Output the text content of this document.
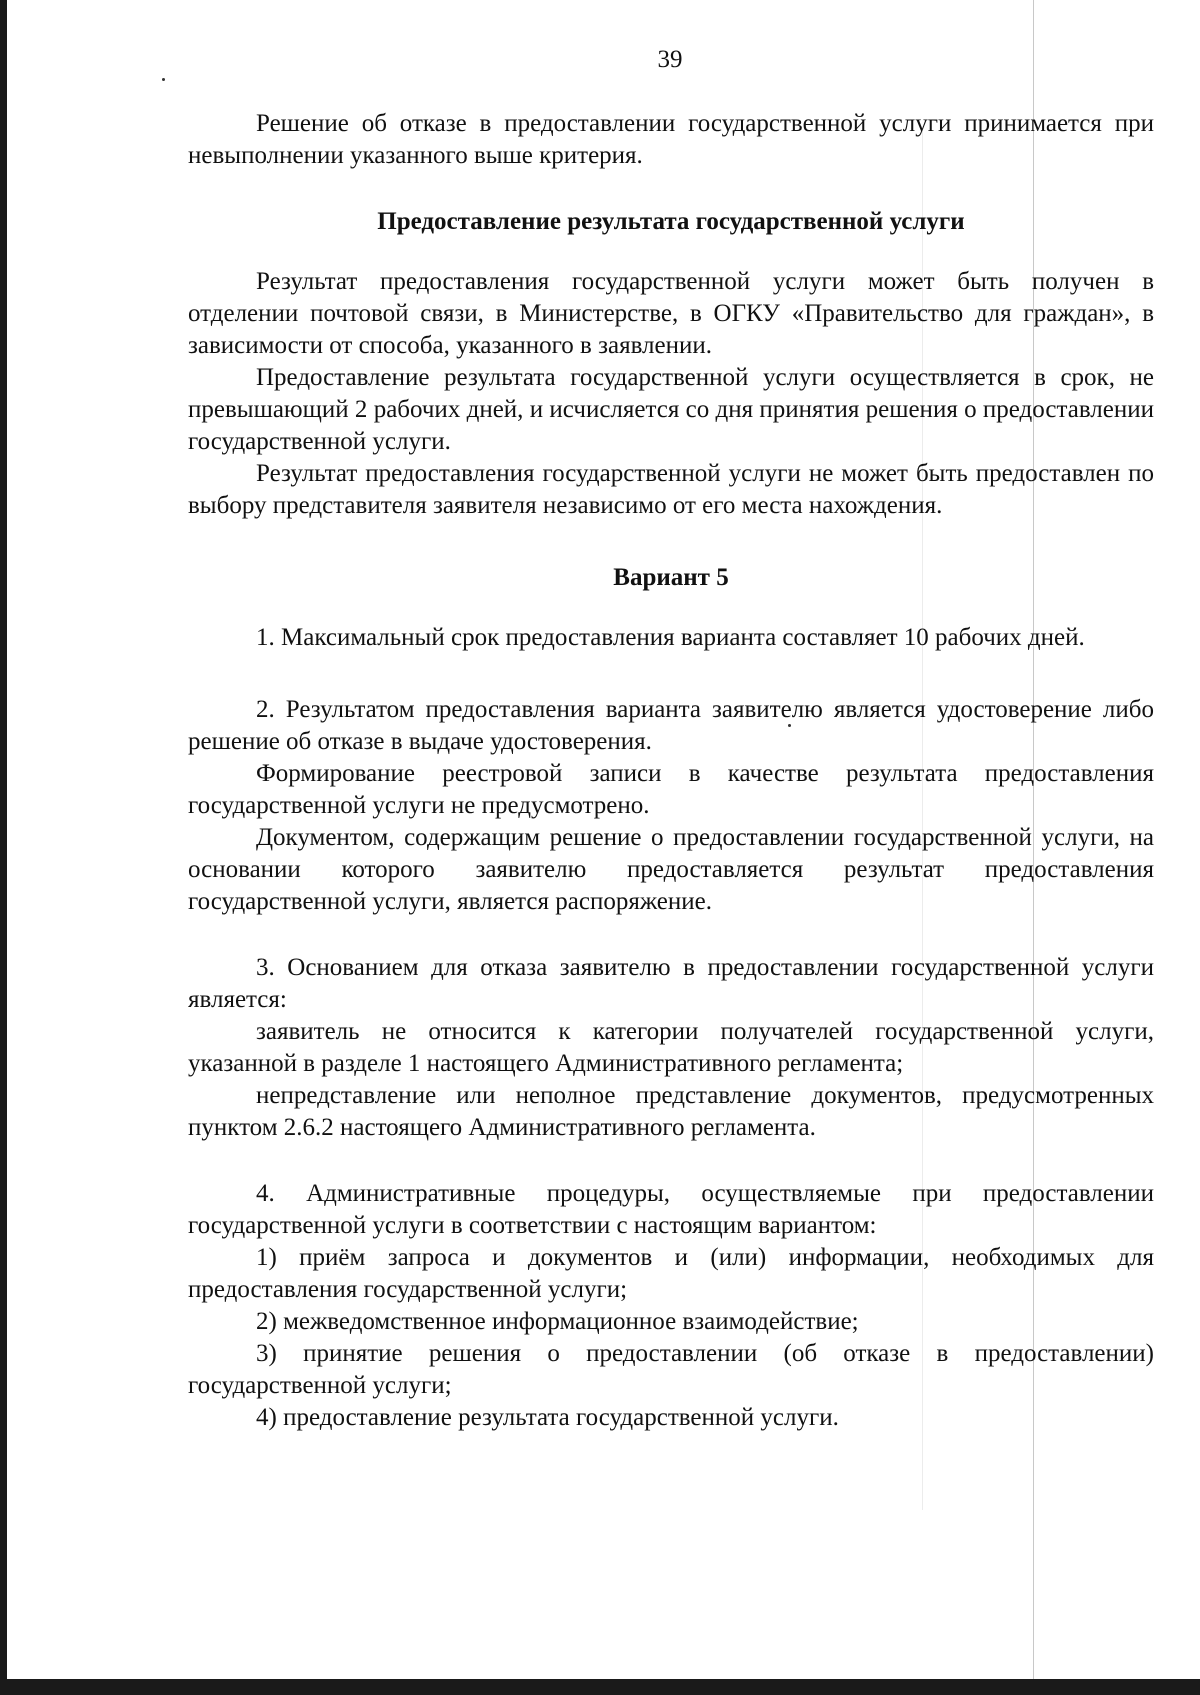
39

Решение об отказе в предоставлении государственной услуги принимается при невыполнении указанного выше критерия.

Предоставление результата государственной услуги

Результат предоставления государственной услуги может быть получен в отделении почтовой связи, в Министерстве, в ОГКУ «Правительство для граждан», в зависимости от способа, указанного в заявлении.

Предоставление результата государственной услуги осуществляется в срок, не превышающий 2 рабочих дней, и исчисляется со дня принятия решения о предоставлении государственной услуги.

Результат предоставления государственной услуги не может быть предоставлен по выбору представителя заявителя независимо от его места нахождения.

Вариант 5

1. Максимальный срок предоставления варианта составляет 10 рабочих дней.

2. Результатом предоставления варианта заявителю является удостоверение либо решение об отказе в выдаче удостоверения.

Формирование реестровой записи в качестве результата предоставления государственной услуги не предусмотрено.

Документом, содержащим решение о предоставлении государственной услуги, на основании которого заявителю предоставляется результат предоставления государственной услуги, является распоряжение.

3. Основанием для отказа заявителю в предоставлении государственной услуги является:

заявитель не относится к категории получателей государственной услуги, указанной в разделе 1 настоящего Административного регламента;

непредставление или неполное представление документов, предусмотренных пунктом 2.6.2 настоящего Административного регламента.

4. Административные процедуры, осуществляемые при предоставлении государственной услуги в соответствии с настоящим вариантом:

1) приём запроса и документов и (или) информации, необходимых для предоставления государственной услуги;

2) межведомственное информационное взаимодействие;

3) принятие решения о предоставлении (об отказе в предоставлении) государственной услуги;

4) предоставление результата государственной услуги.
